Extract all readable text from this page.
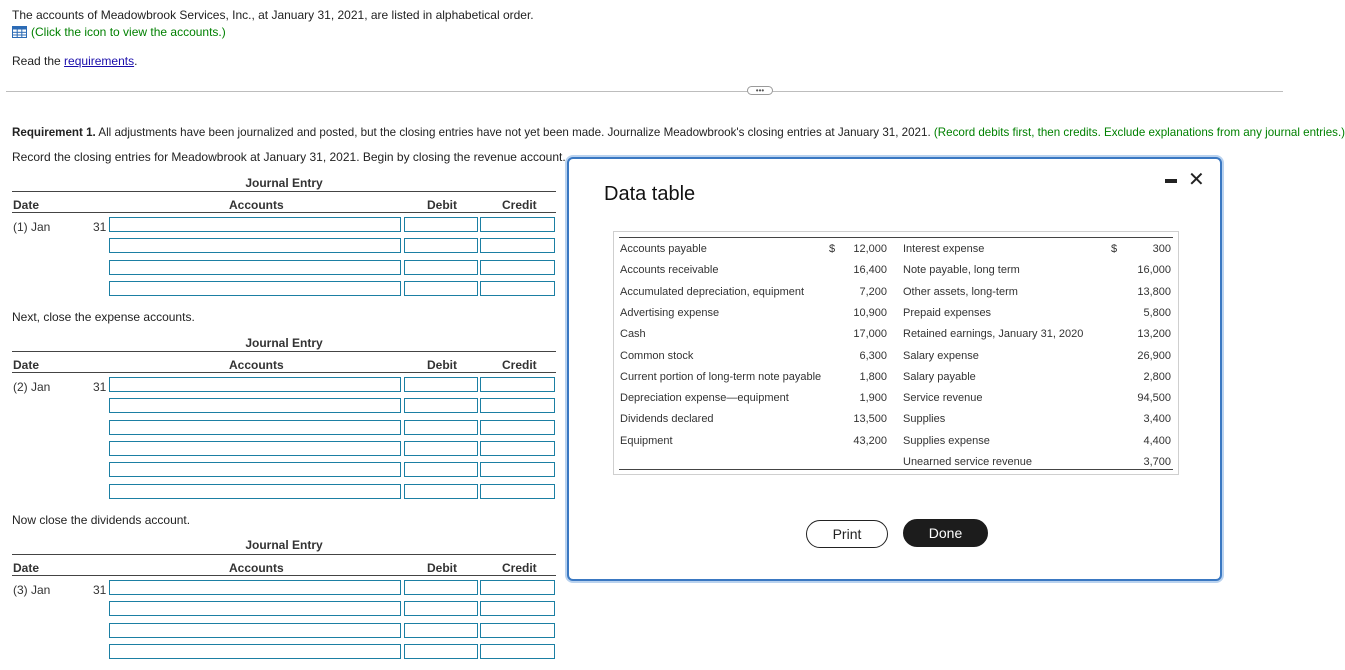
The accounts of Meadowbrook Services, Inc., at January 31, 2021, are listed in alphabetical order.
(Click the icon to view the accounts.)
Read the requirements.
•••
Requirement 1. All adjustments have been journalized and posted, but the closing entries have not yet been made. Journalize Meadowbrook's closing entries at January 31, 2021. (Record debits first, then credits. Exclude explanations from any journal entries.)
Record the closing entries for Meadowbrook at January 31, 2021. Begin by closing the revenue account.
Journal Entry
Date	Accounts	Debit	Credit
(1) Jan	31
Next, close the expense accounts.
Journal Entry
Date	Accounts	Debit	Credit
(2) Jan	31
Now close the dividends account.
Journal Entry
Date	Accounts	Debit	Credit
(3) Jan	31
Data table
✕
$	$
Accounts payable	12,000
Accounts receivable	16,400
Accumulated depreciation, equipment	7,200
Advertising expense	10,900
Cash	17,000
Common stock	6,300
Current portion of long-term note payable	1,800
Depreciation expense—equipment	1,900
Dividends declared	13,500
Equipment	43,200
Interest expense	300
Note payable, long term	16,000
Other assets, long-term	13,800
Prepaid expenses	5,800
Retained earnings, January 31, 2020	13,200
Salary expense	26,900
Salary payable	2,800
Service revenue	94,500
Supplies	3,400
Supplies expense	4,400
Unearned service revenue	3,700
Print	Done
